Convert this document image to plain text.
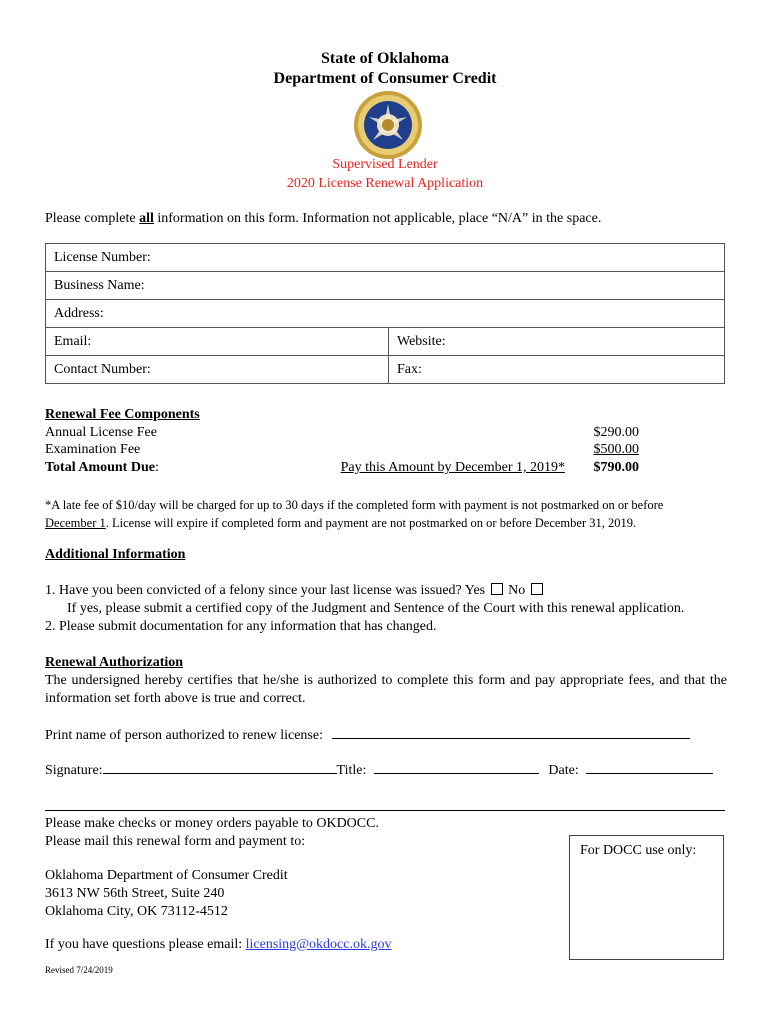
State of Oklahoma
Department of Consumer Credit
Supervised Lender
2020 License Renewal Application
Please complete all information on this form. Information not applicable, place “N/A” in the space.
License Number:	
Business Name:	
Address:	
Email:	Website:
Contact Number:	Fax:
Renewal Fee Components
Annual License Fee	$290.00
Examination Fee	$500.00
Total Amount Due:	Pay this Amount by December 1, 2019* $790.00
*A late fee of $10/day will be charged for up to 30 days if the completed form with payment is not postmarked on or before
December 1. License will expire if completed form and payment are not postmarked on or before December 31, 2019.
Additional Information
1. Have you been convicted of a felony since your last license was issued? Yes No
If yes, please submit a certified copy of the Judgment and Sentence of the Court with this renewal application.
2. Please submit documentation for any information that has changed.
Renewal Authorization
The undersigned hereby certifies that he/she is authorized to complete this form and pay appropriate fees, and that the information set forth above is true and correct.
Print name of person authorized to renew license:
Signature:	Title:	Date:
Please make checks or money orders payable to OKDOCC.
Please mail this renewal form and payment to:
Oklahoma Department of Consumer Credit
3613 NW 56th Street, Suite 240
Oklahoma City, OK 73112-4512
If you have questions please email: licensing@okdocc.ok.gov
For DOCC use only:
Revised 7/24/2019
